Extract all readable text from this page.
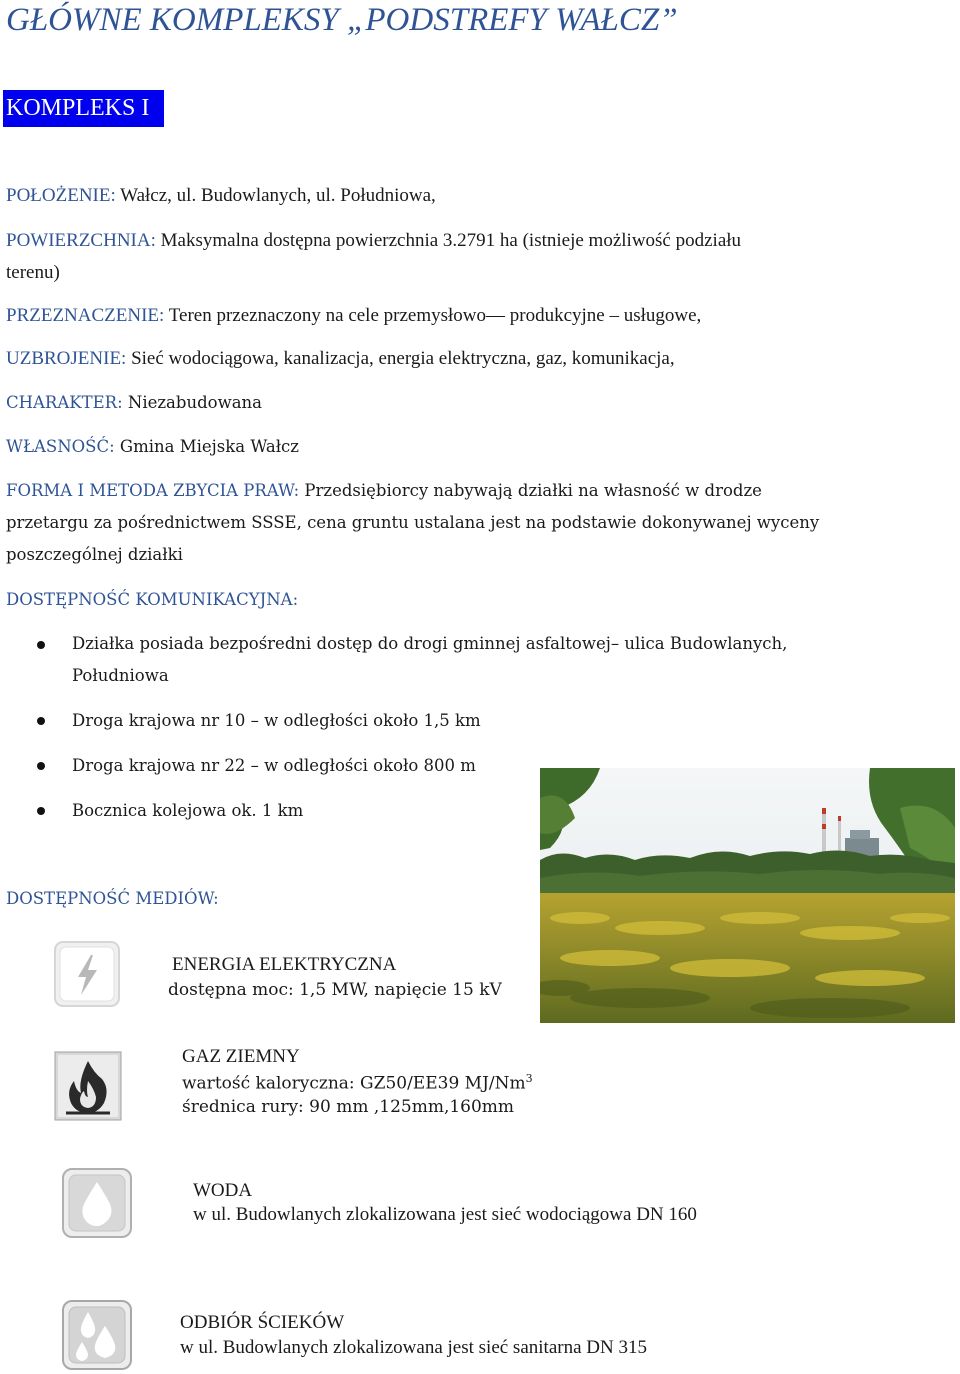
GŁÓWNE KOMPLEKSY „PODSTREFY WAŁCZ”
KOMPLEKS I
POŁOŻENIE: Wałcz, ul. Budowlanych, ul. Południowa,
POWIERZCHNIA: Maksymalna dostępna powierzchnia 3.2791 ha (istnieje możliwość podziału
terenu)
PRZEZNACZENIE: Teren przeznaczony na cele przemysłowo— produkcyjne – usługowe,
UZBROJENIE: Sieć wodociągowa, kanalizacja, energia elektryczna, gaz, komunikacja,
CHARAKTER: Niezabudowana
WŁASNOŚĆ: Gmina Miejska Wałcz
FORMA I METODA ZBYCIA PRAW: Przedsiębiorcy nabywają działki na własność w drodze
przetargu za pośrednictwem SSSE, cena gruntu ustalana jest na podstawie dokonywanej wyceny
poszczególnej działki
DOSTĘPNOŚĆ KOMUNIKACYJNA:
Działka posiada bezpośredni dostęp do drogi gminnej asfaltowej– ulica Budowlanych,
Południowa
Droga krajowa nr 10 – w odległości około 1,5 km
Droga krajowa nr 22 – w odległości około 800 m
Bocznica kolejowa ok. 1 km
DOSTĘPNOŚĆ MEDIÓW:
ENERGIA ELEKTRYCZNA
dostępna moc: 1,5 MW, napięcie 15 kV
GAZ ZIEMNY
wartość kaloryczna: GZ50/EE39 MJ/Nm$^3$
średnica rury: 90 mm ,125mm,160mm
WODA
w ul. Budowlanych zlokalizowana jest sieć wodociągowa DN 160
ODBIÓR ŚCIEKÓW
w ul. Budowlanych zlokalizowana jest sieć sanitarna DN 315
